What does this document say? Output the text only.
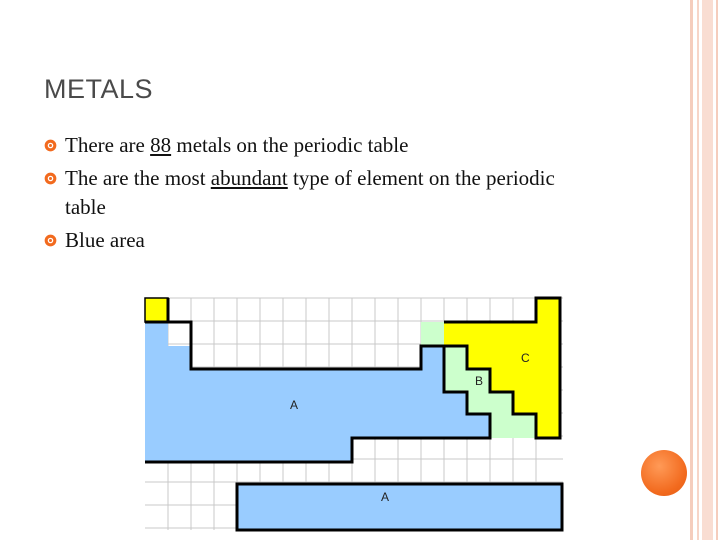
METALS
There are 88 metals on the periodic table
The are the most abundant type of element on the periodic table
Blue area
A
A
B
C
